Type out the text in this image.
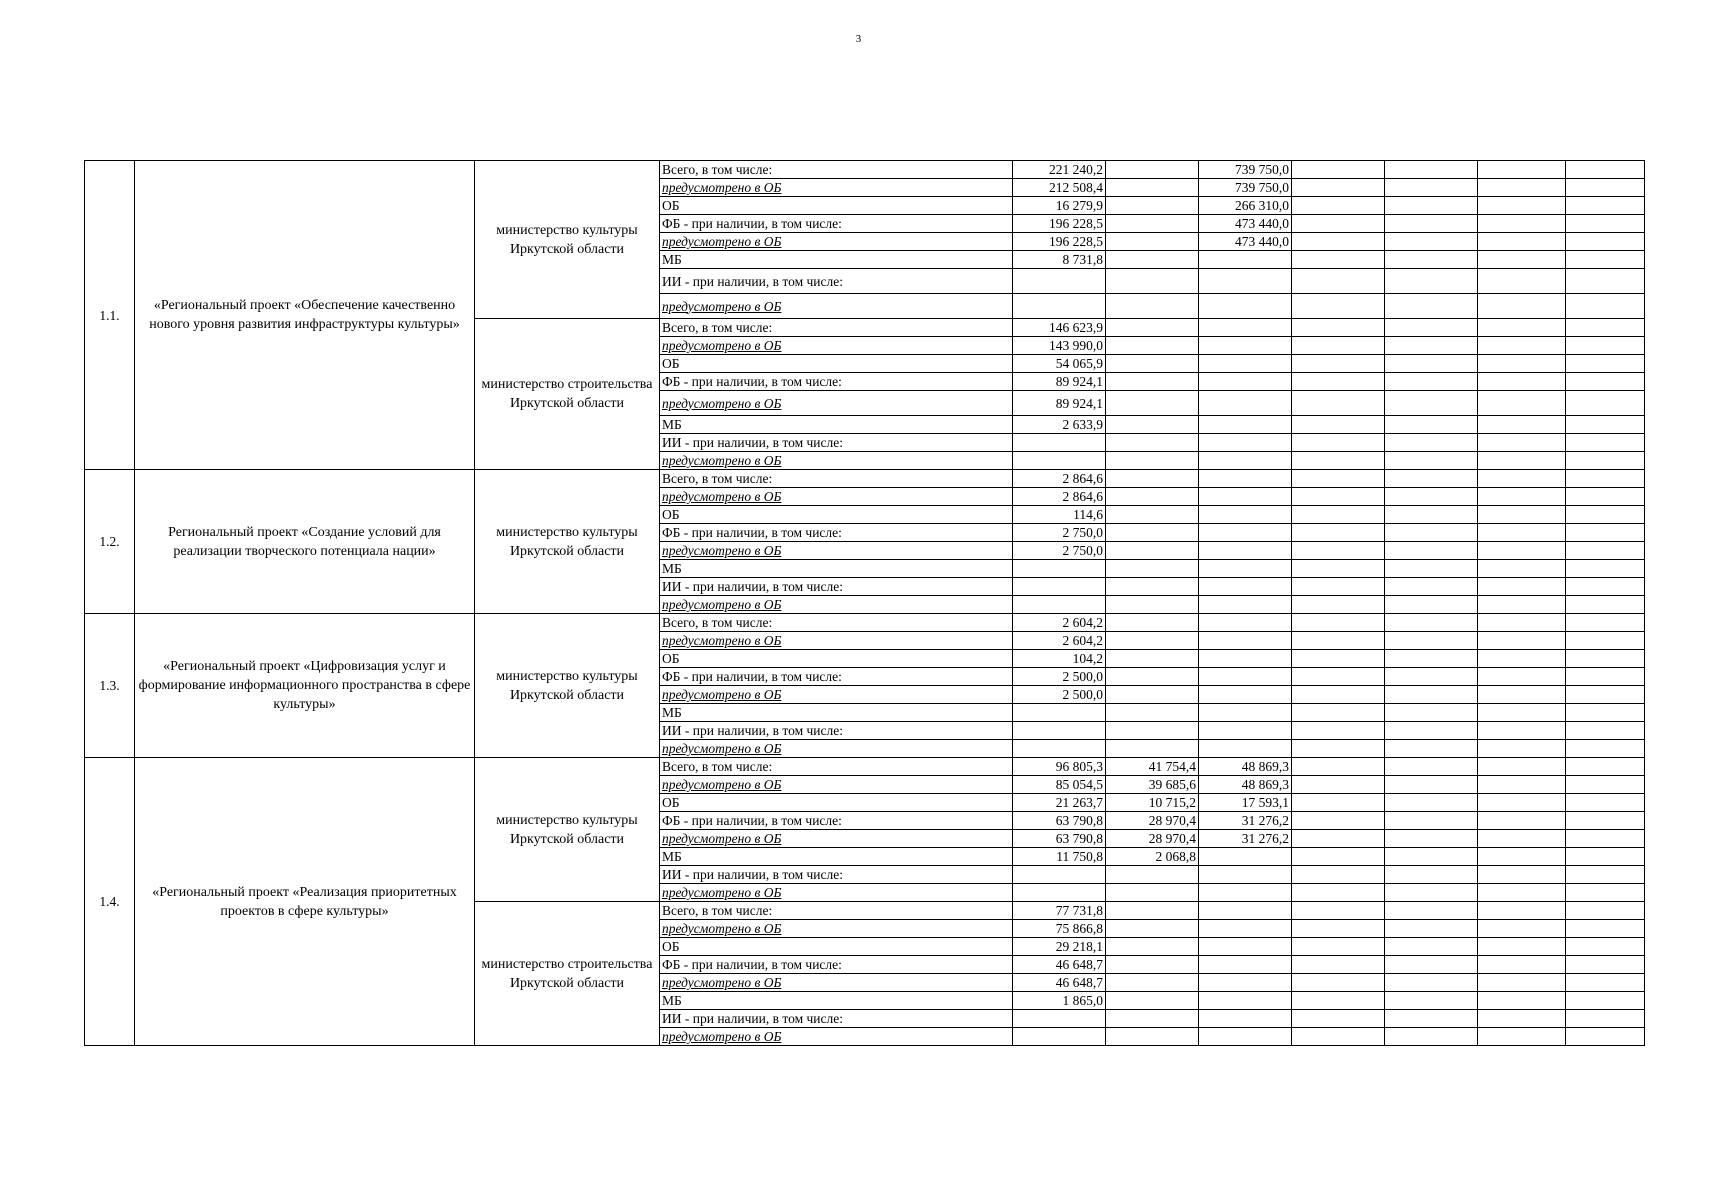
3
1.1.	«Региональный проект «Обеспечение качественно нового уровня развития инфраструктуры культуры»	министерство культуры Иркутской области	Всего, в том числе:	221 240,2		739 750,0				
			предусмотрено в ОБ	212 508,4		739 750,0				
			ОБ	16 279,9		266 310,0				
			ФБ - при наличии, в том числе:	196 228,5		473 440,0				
			предусмотрено в ОБ	196 228,5		473 440,0				
			МБ	8 731,8						
			ИИ - при наличии, в том числе:							
			предусмотрено в ОБ							
		министерство строительства Иркутской области	Всего, в том числе:	146 623,9						
			предусмотрено в ОБ	143 990,0						
			ОБ	54 065,9						
			ФБ - при наличии, в том числе:	89 924,1						
			предусмотрено в ОБ	89 924,1						
			МБ	2 633,9						
			ИИ - при наличии, в том числе:							
			предусмотрено в ОБ							
1.2.	Региональный проект «Создание условий для реализации творческого потенциала нации»	министерство культуры Иркутской области	Всего, в том числе:	2 864,6						
			предусмотрено в ОБ	2 864,6						
			ОБ	114,6						
			ФБ - при наличии, в том числе:	2 750,0						
			предусмотрено в ОБ	2 750,0						
			МБ							
			ИИ - при наличии, в том числе:							
			предусмотрено в ОБ							
1.3.	«Региональный проект «Цифровизация услуг и формирование информационного пространства в сфере культуры»	министерство культуры Иркутской области	Всего, в том числе:	2 604,2						
			предусмотрено в ОБ	2 604,2						
			ОБ	104,2						
			ФБ - при наличии, в том числе:	2 500,0						
			предусмотрено в ОБ	2 500,0						
			МБ							
			ИИ - при наличии, в том числе:							
			предусмотрено в ОБ							
1.4.	«Региональный проект «Реализация приоритетных проектов в сфере культуры»	министерство культуры Иркутской области	Всего, в том числе:	96 805,3	41 754,4	48 869,3				
			предусмотрено в ОБ	85 054,5	39 685,6	48 869,3				
			ОБ	21 263,7	10 715,2	17 593,1				
			ФБ - при наличии, в том числе:	63 790,8	28 970,4	31 276,2				
			предусмотрено в ОБ	63 790,8	28 970,4	31 276,2				
			МБ	11 750,8	2 068,8					
			ИИ - при наличии, в том числе:							
			предусмотрено в ОБ							
		министерство строительства Иркутской области	Всего, в том числе:	77 731,8						
			предусмотрено в ОБ	75 866,8						
			ОБ	29 218,1						
			ФБ - при наличии, в том числе:	46 648,7						
			предусмотрено в ОБ	46 648,7						
			МБ	1 865,0						
			ИИ - при наличии, в том числе:							
			предусмотрено в ОБ							
